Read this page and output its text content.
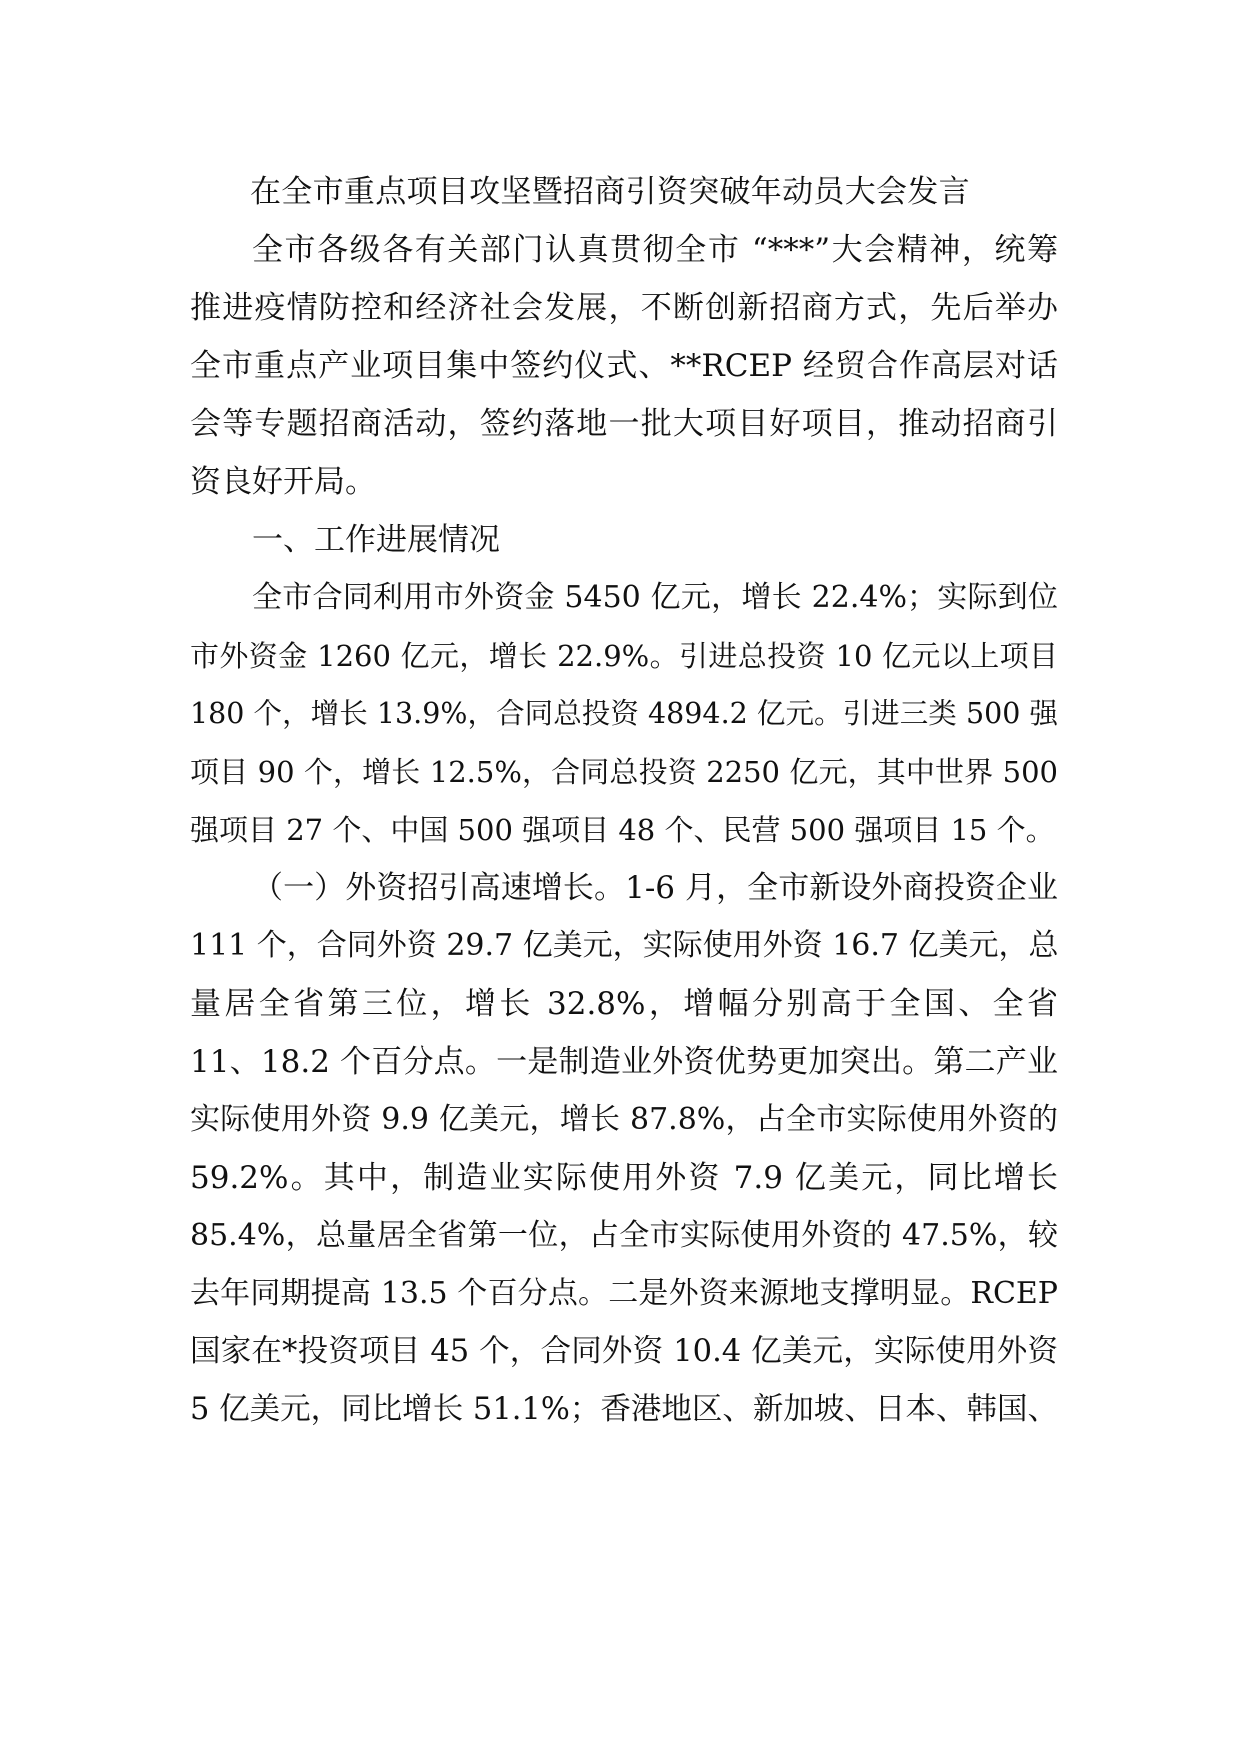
在全市重点项目攻坚暨招商引资突破年动员大会发言
全市各级各有关部门认真贯彻全市 “***”大会精神，统筹
推进疫情防控和经济社会发展，不断创新招商方式，先后举办
全市重点产业项目集中签约仪式、**RCEP 经贸合作高层对话
会等专题招商活动，签约落地一批大项目好项目，推动招商引
资良好开局。
一、工作进展情况
全市合同利用市外资金 5450 亿元，增长 22.4%；实际到位
市外资金 1260 亿元，增长 22.9%。引进总投资 10 亿元以上项目
180 个，增长 13.9%，合同总投资 4894.2 亿元。引进三类 500 强
项目 90 个，增长 12.5%，合同总投资 2250 亿元，其中世界 500
强项目 27 个、中国 500 强项目 48 个、民营 500 强项目 15 个。
（一）外资招引高速增长。1-6 月，全市新设外商投资企业
111 个，合同外资 29.7 亿美元，实际使用外资 16.7 亿美元，总
量居全省第三位，增长 32.8%，增幅分别高于全国、全省
11、18.2 个百分点。一是制造业外资优势更加突出。第二产业
实际使用外资 9.9 亿美元，增长 87.8%，占全市实际使用外资的
59.2%。其中，制造业实际使用外资 7.9 亿美元，同比增长
85.4%，总量居全省第一位，占全市实际使用外资的 47.5%，较
去年同期提高 13.5 个百分点。二是外资来源地支撑明显。RCEP
国家在*投资项目 45 个，合同外资 10.4 亿美元，实际使用外资
5 亿美元，同比增长 51.1%；香港地区、新加坡、日本、韩国、
